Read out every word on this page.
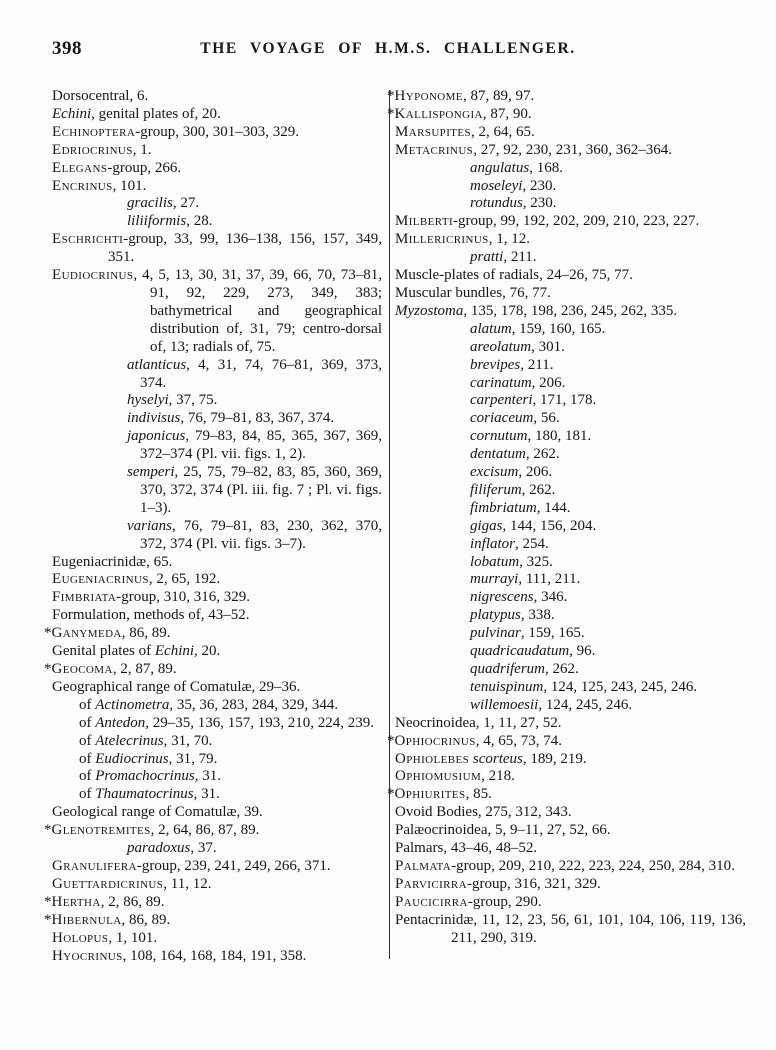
398	THE VOYAGE OF H.M.S. CHALLENGER.
Dorsocentral, 6.
Echini, genital plates of, 20.
Echinoptera-group, 300, 301–303, 329.
Edriocrinus, 1.
Elegans-group, 266.
Encrinus, 101.
gracilis, 27.
liliiformis, 28.
Eschrichti-group, 33, 99, 136–138, 156, 157, 349, 351.
Eudiocrinus, 4, 5, 13, 30, 31, 37, 39, 66, 70, 73–81, 91, 92, 229, 273, 349, 383; bathymetrical and geographical distribution of, 31, 79; centro-dorsal of, 13; radials of, 75.
atlanticus, 4, 31, 74, 76–81, 369, 373, 374.
hyselyi, 37, 75.
indivisus, 76, 79–81, 83, 367, 374.
japonicus, 79–83, 84, 85, 365, 367, 369, 372–374 (Pl. vii. figs. 1, 2).
semperi, 25, 75, 79–82, 83, 85, 360, 369, 370, 372, 374 (Pl. iii. fig. 7 ; Pl. vi. figs. 1–3).
varians, 76, 79–81, 83, 230, 362, 370, 372, 374 (Pl. vii. figs. 3–7).
Eugeniacrinidæ, 65.
Eugeniacrinus, 2, 65, 192.
Fimbriata-group, 310, 316, 329.
Formulation, methods of, 43–52.
*Ganymeda, 86, 89.
Genital plates of Echini, 20.
*Geocoma, 2, 87, 89.
Geographical range of Comatulæ, 29–36.
of Actinometra, 35, 36, 283, 284, 329, 344.
of Antedon, 29–35, 136, 157, 193, 210, 224, 239.
of Atelecrinus, 31, 70.
of Eudiocrinus, 31, 79.
of Promachocrinus, 31.
of Thaumatocrinus, 31.
Geological range of Comatulæ, 39.
*Glenotremites, 2, 64, 86, 87, 89.
paradoxus, 37.
Granulifera-group, 239, 241, 249, 266, 371.
Guettardicrinus, 11, 12.
*Hertha, 2, 86, 89.
*Hibernula, 86, 89.
Holopus, 1, 101.
Hyocrinus, 108, 164, 168, 184, 191, 358.
*Hyponome, 87, 89, 97.
*Kallispongia, 87, 90.
Marsupites, 2, 64, 65.
Metacrinus, 27, 92, 230, 231, 360, 362–364.
angulatus, 168.
moseleyi, 230.
rotundus, 230.
Milberti-group, 99, 192, 202, 209, 210, 223, 227.
Millericrinus, 1, 12.
pratti, 211.
Muscle-plates of radials, 24–26, 75, 77.
Muscular bundles, 76, 77.
Myzostoma, 135, 178, 198, 236, 245, 262, 335.
alatum, 159, 160, 165.
areolatum, 301.
brevipes, 211.
carinatum, 206.
carpenteri, 171, 178.
coriaceum, 56.
cornutum, 180, 181.
dentatum, 262.
excisum, 206.
filiferum, 262.
fimbriatum, 144.
gigas, 144, 156, 204.
inflator, 254.
lobatum, 325.
murrayi, 111, 211.
nigrescens, 346.
platypus, 338.
pulvinar, 159, 165.
quadricaudatum, 96.
quadriferum, 262.
tenuispinum, 124, 125, 243, 245, 246.
willemoesii, 124, 245, 246.
Neocrinoidea, 1, 11, 27, 52.
*Ophiocrinus, 4, 65, 73, 74.
Ophiolebes scorteus, 189, 219.
Ophiomusium, 218.
*Ophiurites, 85.
Ovoid Bodies, 275, 312, 343.
Palæocrinoidea, 5, 9–11, 27, 52, 66.
Palmars, 43–46, 48–52.
Palmata-group, 209, 210, 222, 223, 224, 250, 284, 310.
Parvicirra-group, 316, 321, 329.
Paucicirra-group, 290.
Pentacrinidæ, 11, 12, 23, 56, 61, 101, 104, 106, 119, 136, 211, 290, 319.
